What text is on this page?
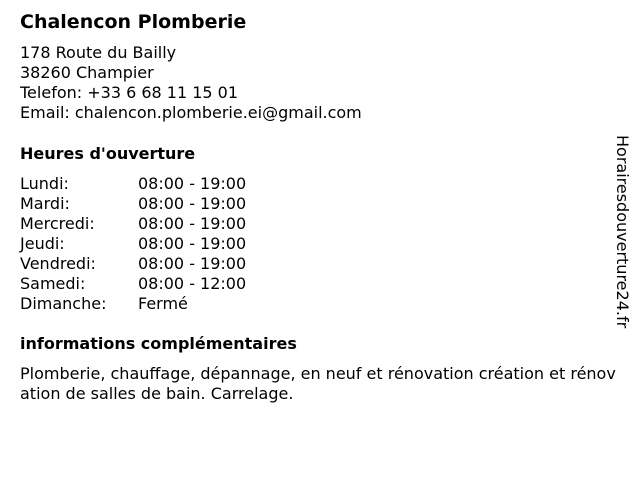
Chalencon Plomberie
178 Route du Bailly
38260 Champier
Telefon: +33 6 68 11 15 01
Email: chalencon.plomberie.ei@gmail.com
Heures d'ouverture
Lundi:	08:00 - 19:00
Mardi:	08:00 - 19:00
Mercredi:	08:00 - 19:00
Jeudi:	08:00 - 19:00
Vendredi:	08:00 - 19:00
Samedi:	08:00 - 12:00
Dimanche:	Fermé
informations complémentaires

Plomberie, chauffage, dépannage, en neuf et rénovation création et rénovation de salles de bain. Carrelage.

Horairesdouverture24.fr
